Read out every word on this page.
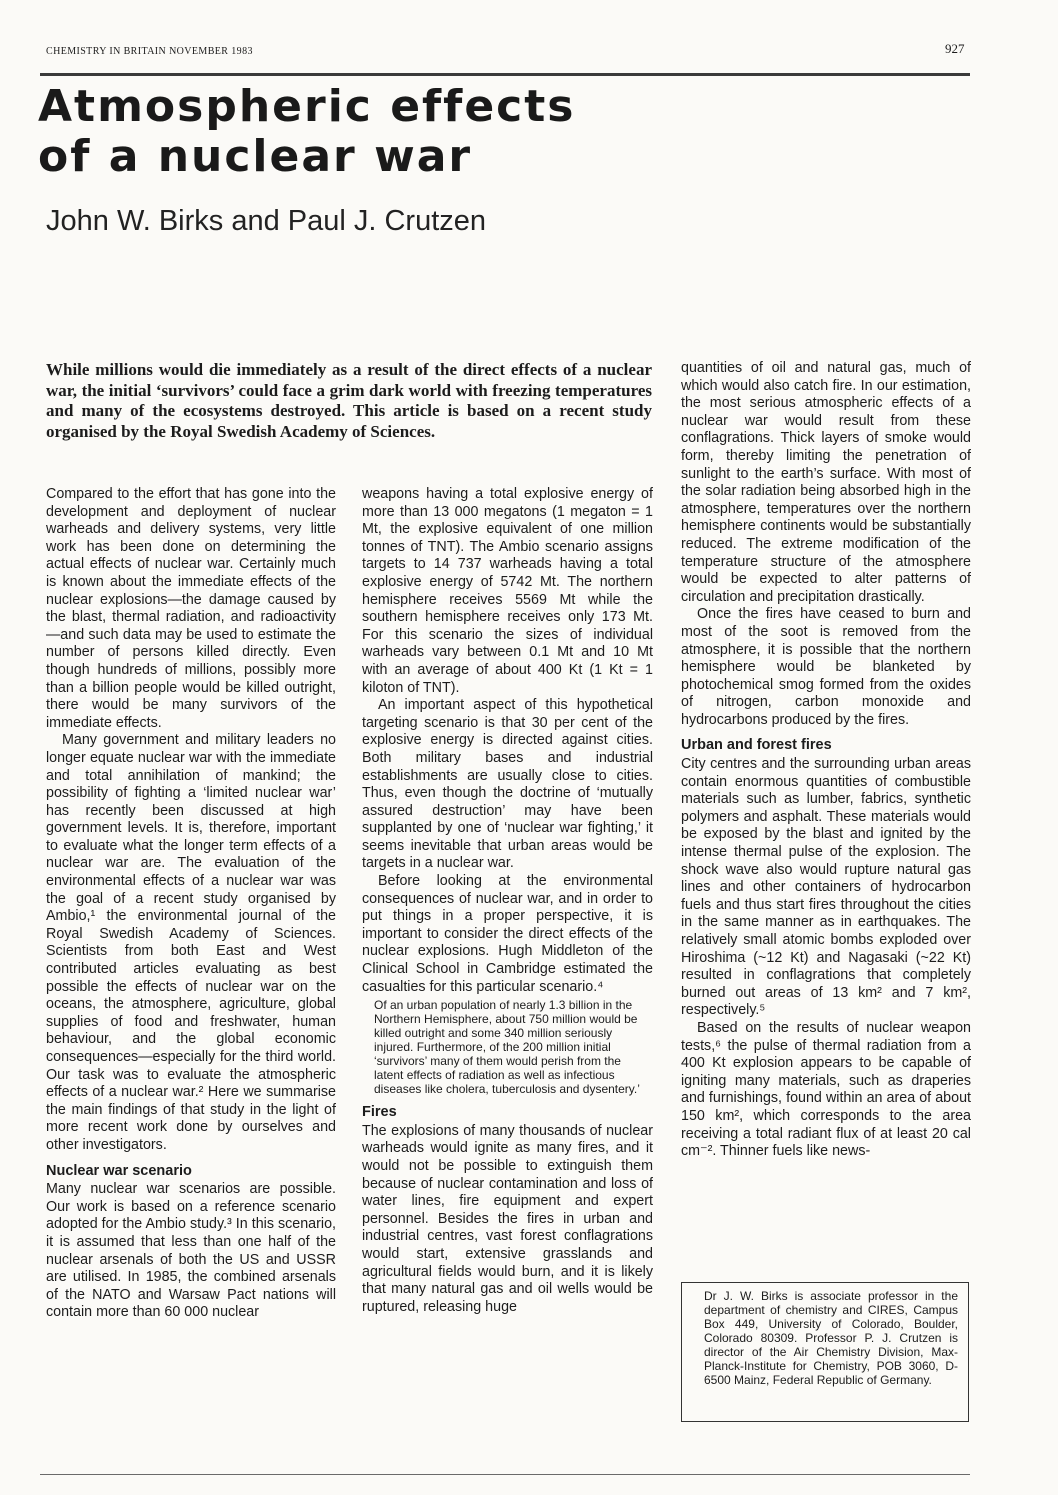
CHEMISTRY IN BRITAIN NOVEMBER 1983	927
Atmospheric effects
of a nuclear war
John W. Birks and Paul J. Crutzen

While millions would die immediately as a result of the direct effects of a nuclear war, the initial ‘survivors’ could face a grim dark world with freezing temperatures and many of the ecosystems destroyed. This article is based on a recent study organised by the Royal Swedish Academy of Sciences.

Compared to the effort that has gone into the development and deployment of nuclear warheads and delivery systems, very little work has been done on determining the actual effects of nuclear war. Certainly much is known about the immediate effects of the nuclear explosions—the damage caused by the blast, thermal radiation, and radioactivity—and such data may be used to estimate the number of persons killed directly. Even though hundreds of millions, possibly more than a billion people would be killed outright, there would be many survivors of the immediate effects.

Many government and military leaders no longer equate nuclear war with the immediate and total annihilation of mankind; the possibility of fighting a ‘limited nuclear war’ has recently been discussed at high government levels. It is, therefore, important to evaluate what the longer term effects of a nuclear war are. The evaluation of the environmental effects of a nuclear war was the goal of a recent study organised by Ambio,¹ the environmental journal of the Royal Swedish Academy of Sciences. Scientists from both East and West contributed articles evaluating as best possible the effects of nuclear war on the oceans, the atmosphere, agriculture, global supplies of food and freshwater, human behaviour, and the global economic consequences—especially for the third world. Our task was to evaluate the atmospheric effects of a nuclear war.² Here we summarise the main findings of that study in the light of more recent work done by ourselves and other investigators.

Nuclear war scenario

Many nuclear war scenarios are possible. Our work is based on a reference scenario adopted for the Ambio study.³ In this scenario, it is assumed that less than one half of the nuclear arsenals of both the US and USSR are utilised. In 1985, the combined arsenals of the NATO and Warsaw Pact nations will contain more than 60 000 nuclear

weapons having a total explosive energy of more than 13 000 megatons (1 megaton = 1 Mt, the explosive equivalent of one million tonnes of TNT). The Ambio scenario assigns targets to 14 737 warheads having a total explosive energy of 5742 Mt. The northern hemisphere receives 5569 Mt while the southern hemisphere receives only 173 Mt. For this scenario the sizes of individual warheads vary between 0.1 Mt and 10 Mt with an average of about 400 Kt (1 Kt = 1 kiloton of TNT).

An important aspect of this hypothetical targeting scenario is that 30 per cent of the explosive energy is directed against cities. Both military bases and industrial establishments are usually close to cities. Thus, even though the doctrine of ‘mutually assured destruction’ may have been supplanted by one of ‘nuclear war fighting,’ it seems inevitable that urban areas would be targets in a nuclear war.

Before looking at the environmental consequences of nuclear war, and in order to put things in a proper perspective, it is important to consider the direct effects of the nuclear explosions. Hugh Middleton of the Clinical School in Cambridge estimated the casualties for this particular scenario.⁴

Of an urban population of nearly 1.3 billion in the Northern Hemisphere, about 750 million would be killed outright and some 340 million seriously injured. Furthermore, of the 200 million initial ‘survivors’ many of them would perish from the latent effects of radiation as well as infectious diseases like cholera, tuberculosis and dysentery.’
Fires

The explosions of many thousands of nuclear warheads would ignite as many fires, and it would not be possible to extinguish them because of nuclear contamination and loss of water lines, fire equipment and expert personnel. Besides the fires in urban and industrial centres, vast forest conflagrations would start, extensive grasslands and agricultural fields would burn, and it is likely that many natural gas and oil wells would be ruptured, releasing huge

quantities of oil and natural gas, much of which would also catch fire. In our estimation, the most serious atmospheric effects of a nuclear war would result from these conflagrations. Thick layers of smoke would form, thereby limiting the penetration of sunlight to the earth’s surface. With most of the solar radiation being absorbed high in the atmosphere, temperatures over the northern hemisphere continents would be substantially reduced. The extreme modification of the temperature structure of the atmosphere would be expected to alter patterns of circulation and precipitation drastically.

Once the fires have ceased to burn and most of the soot is removed from the atmosphere, it is possible that the northern hemisphere would be blanketed by photochemical smog formed from the oxides of nitrogen, carbon monoxide and hydrocarbons produced by the fires.

Urban and forest fires

City centres and the surrounding urban areas contain enormous quantities of combustible materials such as lumber, fabrics, synthetic polymers and asphalt. These materials would be exposed by the blast and ignited by the intense thermal pulse of the explosion. The shock wave also would rupture natural gas lines and other containers of hydrocarbon fuels and thus start fires throughout the cities in the same manner as in earthquakes. The relatively small atomic bombs exploded over Hiroshima (~12 Kt) and Nagasaki (~22 Kt) resulted in conflagrations that completely burned out areas of 13 km² and 7 km², respectively.⁵

Based on the results of nuclear weapon tests,⁶ the pulse of thermal radiation from a 400 Kt explosion appears to be capable of igniting many materials, such as draperies and furnishings, found within an area of about 150 km², which corresponds to the area receiving a total radiant flux of at least 20 cal cm⁻². Thinner fuels like news-

Dr J. W. Birks is associate professor in the department of chemistry and CIRES, Campus Box 449, University of Colorado, Boulder, Colorado 80309. Professor P. J. Crutzen is director of the Air Chemistry Division, Max-Planck-Institute for Chemistry, POB 3060, D-6500 Mainz, Federal Republic of Germany.
